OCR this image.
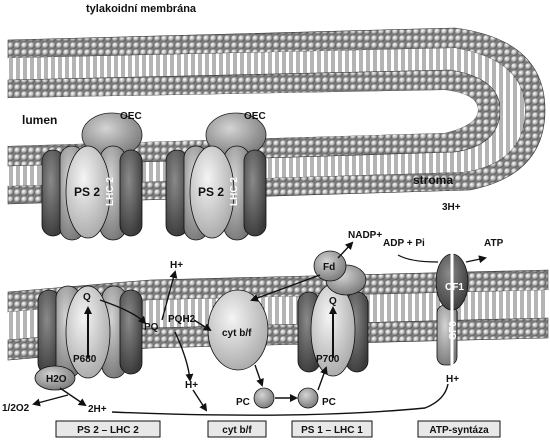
tylakoidní membrána
lumen
stroma
OEC	OEC
PS 2	PS 2
LHC 2	LHC 2
Q
P680
H2O
1/2O2	2H+
PQ
PQH2
H+
H+
cyt b/f
PC	PC
Fd
NADP+
Q
P700
3H+
ADP + Pi	ATP
CF1
CF0
H+
PS 2 – LHC 2	cyt b/f	PS 1 – LHC 1	ATP-syntáza
